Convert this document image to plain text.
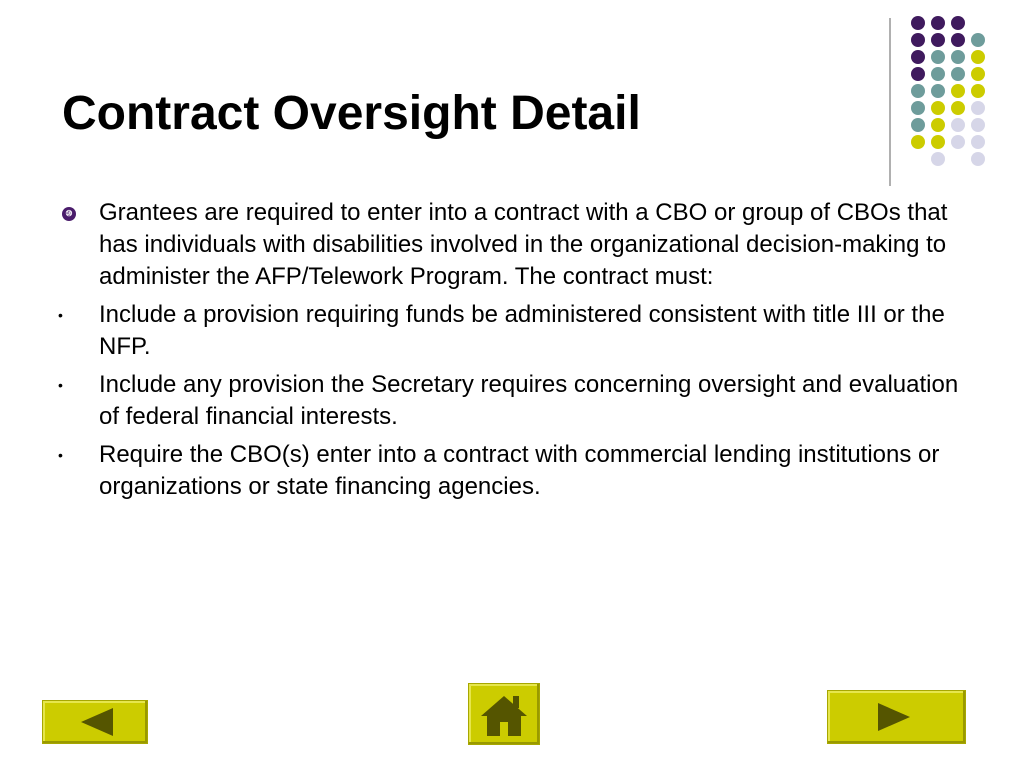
Contract Oversight Detail
⑩ Grantees are required to enter into a contract with a CBO or group of CBOs that has individuals with disabilities involved in the organizational decision-making to administer the AFP/Telework Program. The contract must:
•	Include a provision requiring funds be administered consistent with title III or the NFP.
•	Include any provision the Secretary requires concerning oversight and evaluation of federal financial interests.
•	Require the CBO(s) enter into a contract with commercial lending institutions or organizations or state financing agencies.
